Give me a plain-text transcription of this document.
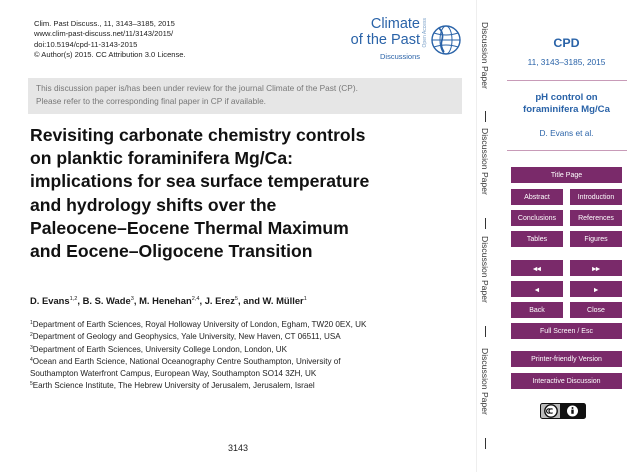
Clim. Past Discuss., 11, 3143–3185, 2015
www.clim-past-discuss.net/11/3143/2015/
doi:10.5194/cpd-11-3143-2015
© Author(s) 2015. CC Attribution 3.0 License.
Climate
of the Past
Discussions
Open Access
This discussion paper is/has been under review for the journal Climate of the Past (CP).
Please refer to the corresponding final paper in CP if available.
Revisiting carbonate chemistry controls
on planktic foraminifera Mg/Ca:
implications for sea surface temperature
and hydrology shifts over the
Paleocene–Eocene Thermal Maximum
and Eocene–Oligocene Transition
D. Evans$^{1,2}$, B. S. Wade$^3$, M. Henehan$^{2,4}$, J. Erez$^5$, and W. Müller$^1$
$^1$Department of Earth Sciences, Royal Holloway University of London, Egham, TW20 0EX, UK
$^2$Department of Geology and Geophysics, Yale University, New Haven, CT 06511, USA
$^3$Department of Earth Sciences, University College London, London, UK
$^4$Ocean and Earth Science, National Oceanography Centre Southampton, University of
Southampton Waterfront Campus, European Way, Southampton SO14 3ZH, UK
$^5$Earth Science Institute, The Hebrew University of Jerusalem, Jerusalem, Israel
3143
Discussion Paper
Discussion Paper
Discussion Paper
Discussion Paper
CPD
11, 3143–3185, 2015
pH control on
foraminifera Mg/Ca
D. Evans et al.
Title Page
Abstract	Introduction
Conclusions	References
Tables	Figures
◂◂	▸▸
◂	▸
Back	Close
Full Screen / Esc
Printer-friendly Version
Interactive Discussion
